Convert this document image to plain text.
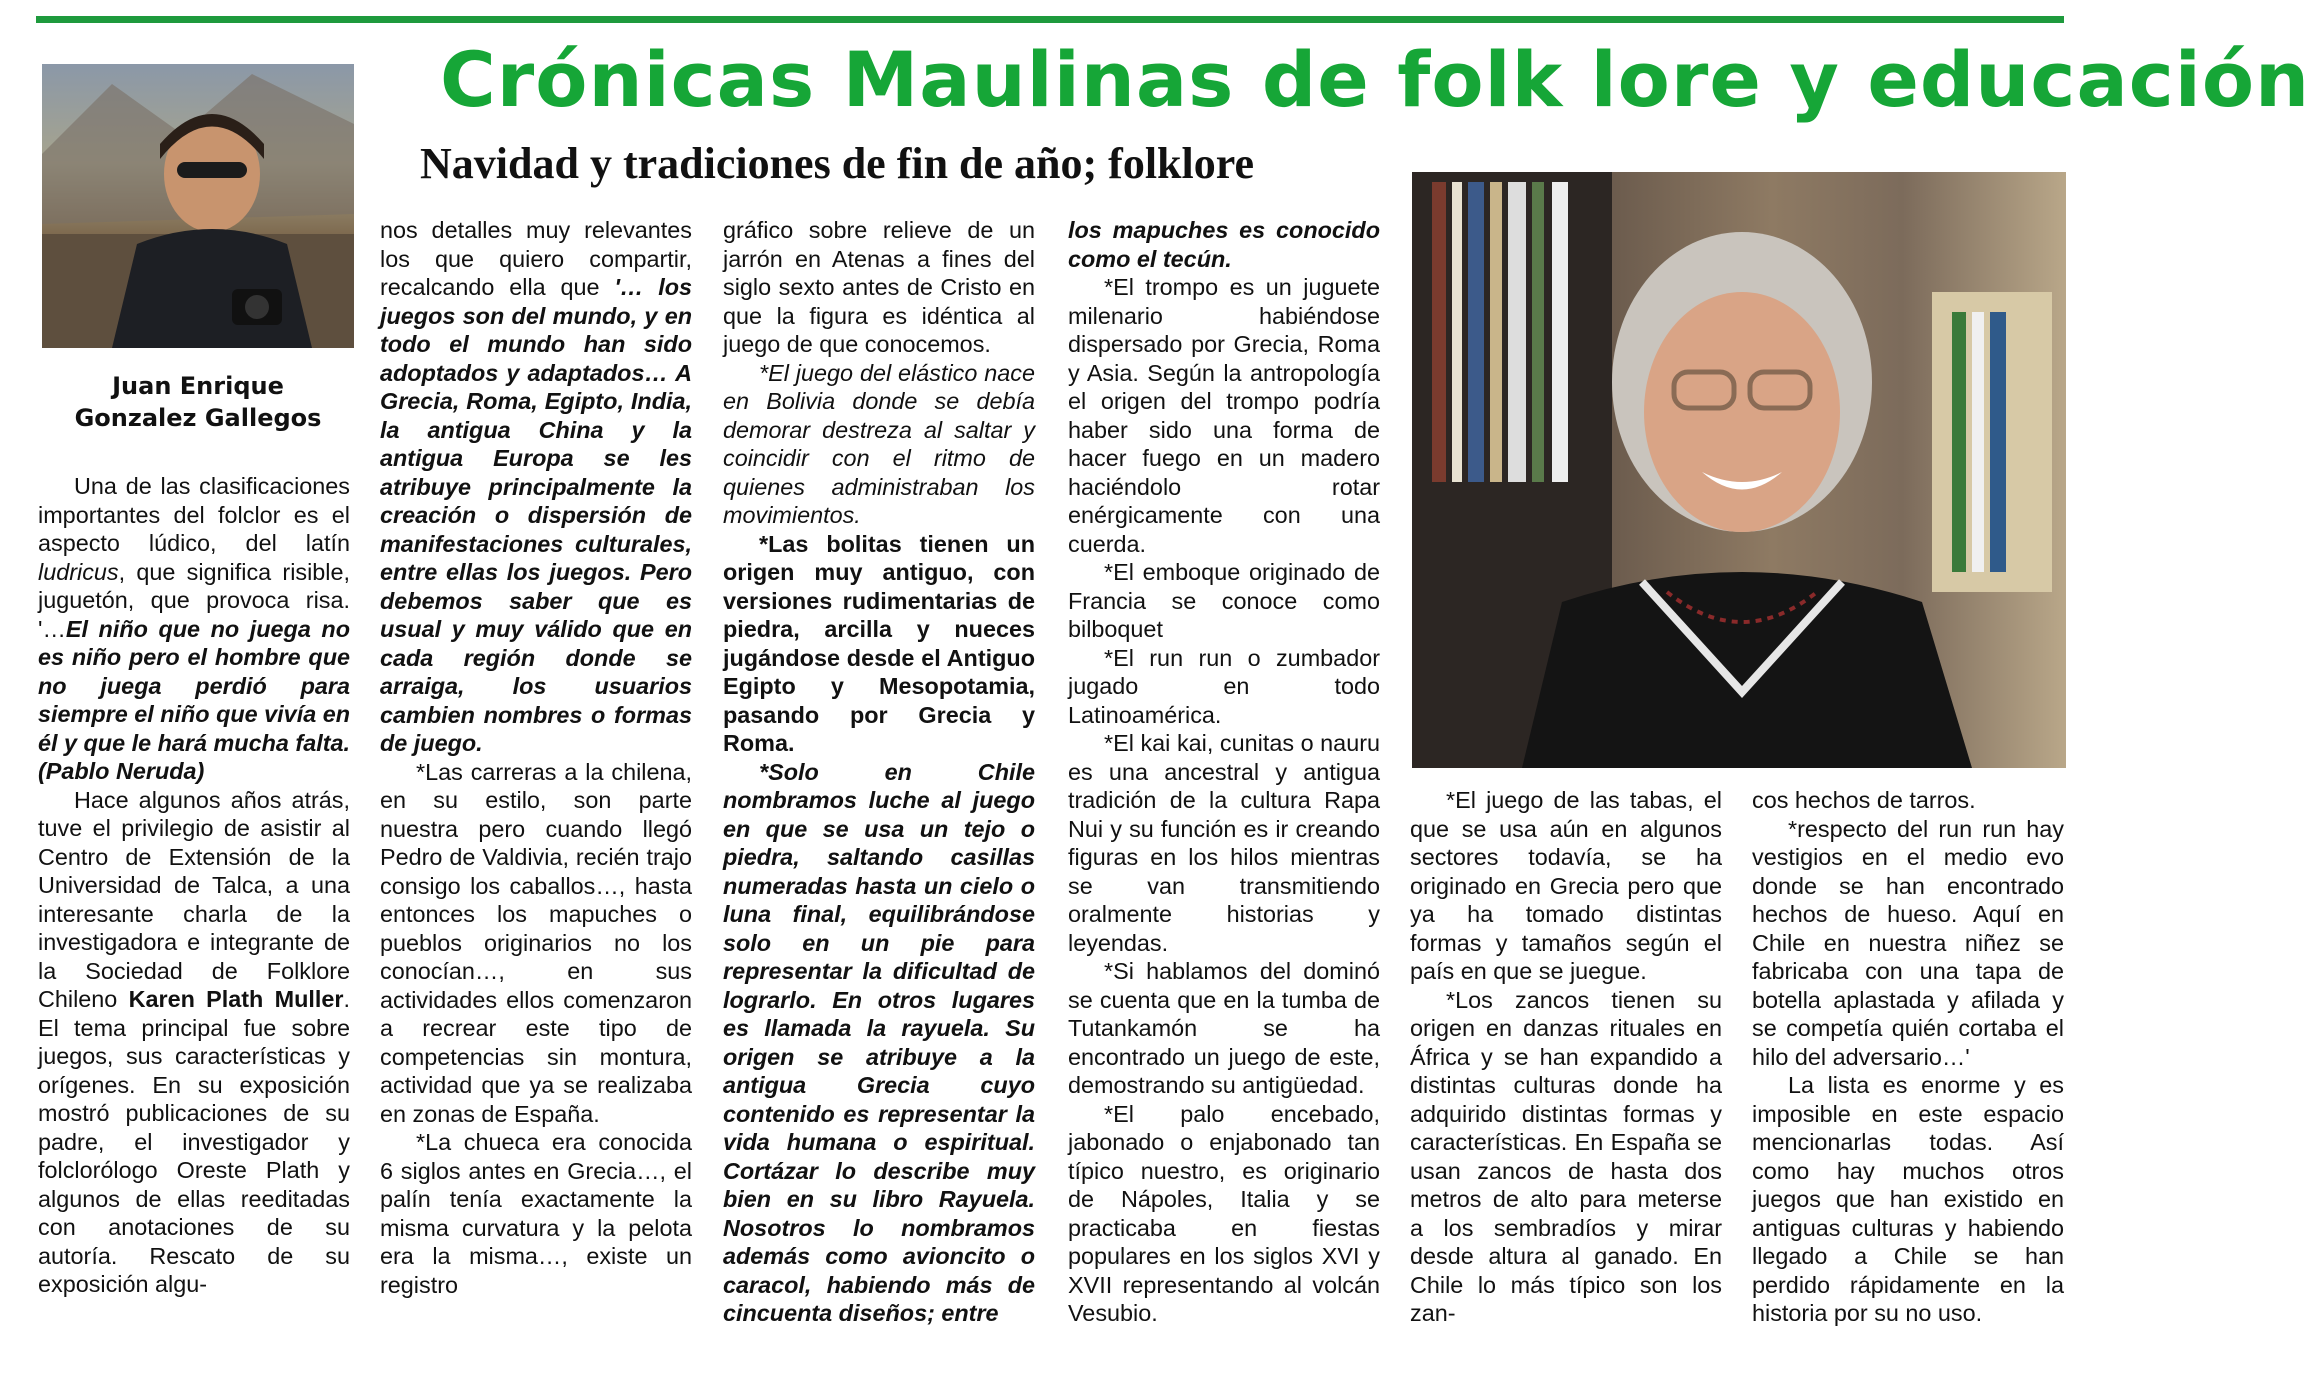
Crónicas Maulinas de folk lore y educación
Juan Enrique
Gonzalez Gallegos
Navidad y tradiciones de fin de año; folklore

Una de las clasificaciones importantes del folclor es el aspecto lúdico, del latín ludricus, que significa risible, juguetón, que provoca risa. '…El niño que no juega no es niño pero el hombre que no juega perdió para siempre el niño que vivía en él y que le hará mucha falta. (Pablo Neruda)

Hace algunos años atrás, tuve el privilegio de asistir al Centro de Extensión de la Universidad de Talca, a una interesante charla de la investigadora e integrante de la Sociedad de Folklore Chileno Karen Plath Muller. El tema principal fue sobre juegos, sus características y orígenes. En su exposición mostró publicaciones de su padre, el investigador y folclorólogo Oreste Plath y algunos de ellas reeditadas con anotaciones de su autoría. Rescato de su exposición algu-

nos detalles muy relevantes los que quiero compartir, recalcando ella que '… los juegos son del mundo, y en todo el mundo han sido adoptados y adaptados… A Grecia, Roma, Egipto, India, la antigua China y la antigua Europa se les atribuye principalmente la creación o dispersión de manifestaciones culturales, entre ellas los juegos. Pero debemos saber que es usual y muy válido que en cada región donde se arraiga, los usuarios cambien nombres o formas de juego.

*Las carreras a la chilena, en su estilo, son parte nuestra pero cuando llegó Pedro de Valdivia, recién trajo consigo los caballos…, hasta entonces los mapuches o pueblos originarios no los conocían…, en sus actividades ellos comenzaron a recrear este tipo de competencias sin montura, actividad que ya se realizaba en zonas de España.

*La chueca era conocida 6 siglos antes en Grecia…, el palín tenía exactamente la misma curvatura y la pelota era la misma…, existe un registro

gráfico sobre relieve de un jarrón en Atenas a fines del siglo sexto antes de Cristo en que la figura es idéntica al juego de que conocemos.

*El juego del elástico nace en Bolivia donde se debía demorar destreza al saltar y coincidir con el ritmo de quienes administraban los movimientos.

*Las bolitas tienen un origen muy antiguo, con versiones rudimentarias de piedra, arcilla y nueces jugándose desde el Antiguo Egipto y Mesopotamia, pasando por Grecia y Roma.

*Solo en Chile nombramos luche al juego en que se usa un tejo o piedra, saltando casillas numeradas hasta un cielo o luna final, equilibrándose solo en un pie para representar la dificultad de lograrlo. En otros lugares es llamada la rayuela. Su origen se atribuye a la antigua Grecia cuyo contenido es representar la vida humana o espiritual. Cortázar lo describe muy bien en su libro Rayuela. Nosotros lo nombramos además como avioncito o caracol, habiendo más de cincuenta diseños; entre

los mapuches es conocido como el tecún.

*El trompo es un juguete milenario habiéndose dispersado por Grecia, Roma y Asia. Según la antropología el origen del trompo podría haber sido una forma de hacer fuego en un madero haciéndolo rotar enérgicamente con una cuerda.

*El emboque originado de Francia se conoce como bilboquet

*El run run o zumbador jugado en todo Latinoamérica.

*El kai kai, cunitas o nauru es una ancestral y antigua tradición de la cultura Rapa Nui y su función es ir creando figuras en los hilos mientras se van transmitiendo oralmente historias y leyendas.

*Si hablamos del dominó se cuenta que en la tumba de Tutankamón se ha encontrado un juego de este, demostrando su antigüedad.

*El palo encebado, jabonado o enjabonado tan típico nuestro, es originario de Nápoles, Italia y se practicaba en fiestas populares en los siglos XVI y XVII representando al volcán Vesubio.

*El juego de las tabas, el que se usa aún en algunos sectores todavía, se ha originado en Grecia pero que ya ha tomado distintas formas y tamaños según el país en que se juegue.

*Los zancos tienen su origen en danzas rituales en África y se han expandido a distintas culturas donde ha adquirido distintas formas y características. En España se usan zancos de hasta dos metros de alto para meterse a los sembradíos y mirar desde altura al ganado. En Chile lo más típico son los zan-

cos hechos de tarros.

*respecto del run run hay vestigios en el medio evo donde se han encontrado hechos de hueso. Aquí en Chile en nuestra niñez se fabricaba con una tapa de botella aplastada y afilada y se competía quién cortaba el hilo del adversario…'

La lista es enorme y es imposible en este espacio mencionarlas todas. Así como hay muchos otros juegos que han existido en antiguas culturas y habiendo llegado a Chile se han perdido rápidamente en la historia por su no uso.
